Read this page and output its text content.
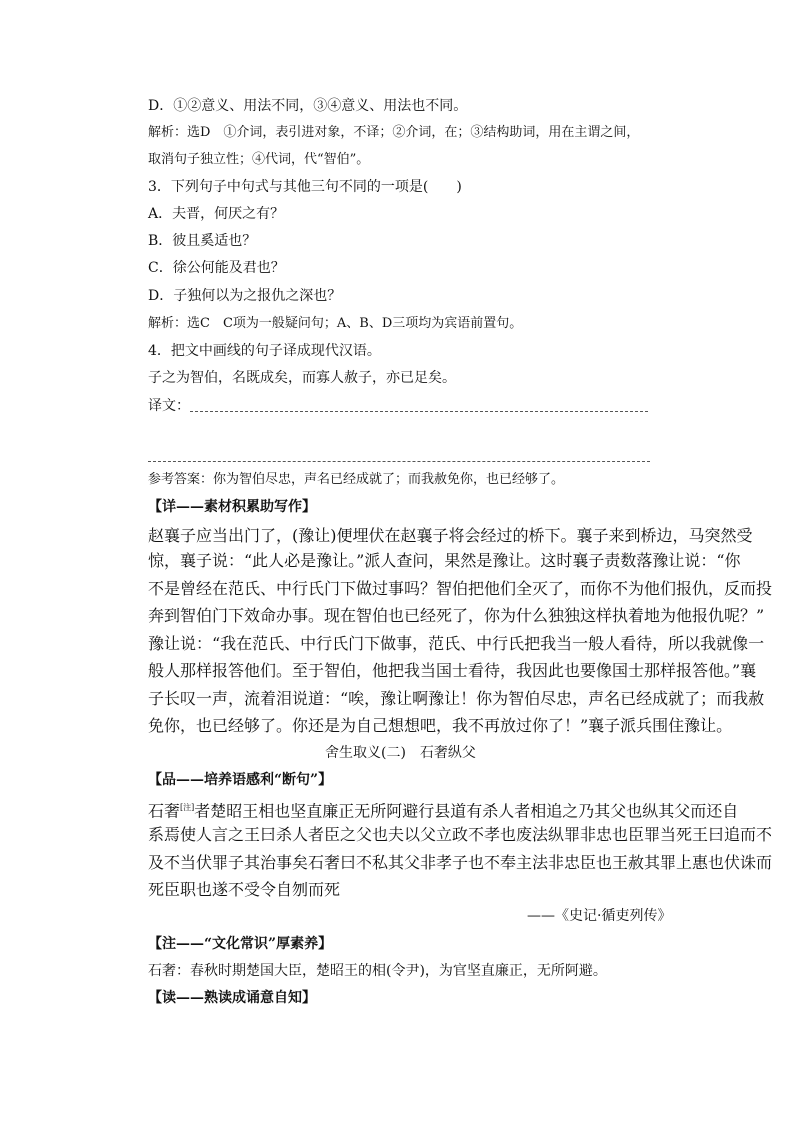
D．①②意义、用法不同，③④意义、用法也不同。
解析：选D　①介词，表引进对象，不译；②介词，在；③结构助词，用在主谓之间，
取消句子独立性；④代词，代“智伯”。
3．下列句子中句式与其他三句不同的一项是(　　)
A．夫晋，何厌之有？
B．彼且奚适也？
C．徐公何能及君也？
D．子独何以为之报仇之深也？
解析：选C　C项为一般疑问句；A、B、D三项均为宾语前置句。
4．把文中画线的句子译成现代汉语。
子之为智伯，名既成矣，而寡人赦子，亦已足矣。
译文：
参考答案：你为智伯尽忠，声名已经成就了；而我赦免你，也已经够了。
【详——素材积累助写作】
赵襄子应当出门了，(豫让)便埋伏在赵襄子将会经过的桥下。襄子来到桥边，马突然受
惊，襄子说：“此人必是豫让。”派人查问，果然是豫让。这时襄子责数落豫让说：“你
不是曾经在范氏、中行氏门下做过事吗？智伯把他们全灭了，而你不为他们报仇，反而投
奔到智伯门下效命办事。现在智伯也已经死了，你为什么独独这样执着地为他报仇呢？”
豫让说：“我在范氏、中行氏门下做事，范氏、中行氏把我当一般人看待，所以我就像一
般人那样报答他们。至于智伯，他把我当国士看待，我因此也要像国士那样报答他。”襄
子长叹一声，流着泪说道：“唉，豫让啊豫让！你为智伯尽忠，声名已经成就了；而我赦
免你，也已经够了。你还是为自己想想吧，我不再放过你了！”襄子派兵围住豫让。
舍生取义(二)　石奢纵父
【品——培养语感利“断句”】
石奢[注]者楚昭王相也坚直廉正无所阿避行县道有杀人者相追之乃其父也纵其父而还自
系焉使人言之王曰杀人者臣之父也夫以父立政不孝也废法纵罪非忠也臣罪当死王曰追而不
及不当伏罪子其治事矣石奢曰不私其父非孝子也不奉主法非忠臣也王赦其罪上惠也伏诛而
死臣职也遂不受令自刎而死
——《史记·循吏列传》
【注——“文化常识”厚素养】
石奢：春秋时期楚国大臣，楚昭王的相(令尹)，为官坚直廉正，无所阿避。
【读——熟读成诵意自知】
